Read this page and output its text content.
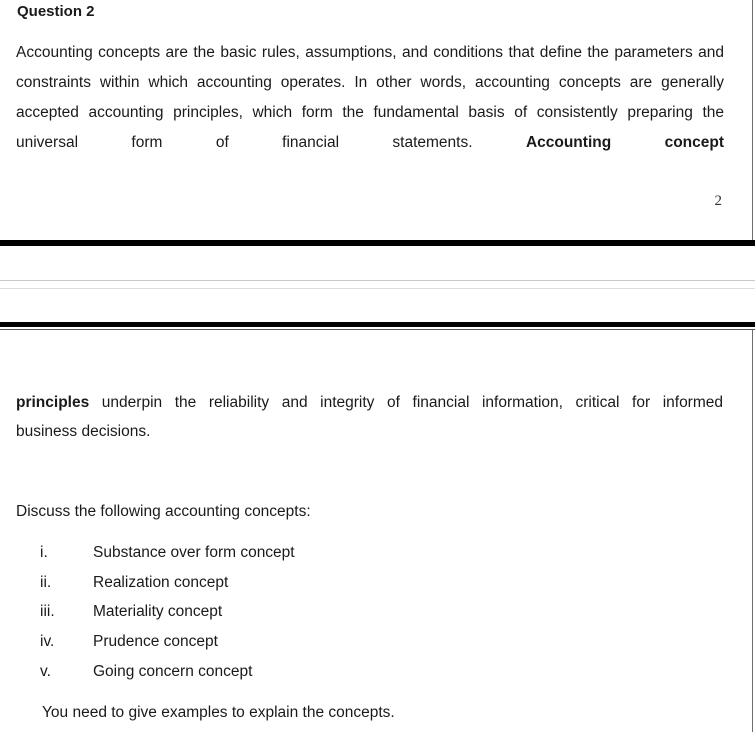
Question 2

Accounting concepts are the basic rules, assumptions, and conditions that define the parameters and constraints within which accounting operates. In other words, accounting concepts are generally accepted accounting principles, which form the fundamental basis of consistently preparing the universal form of financial statements.	Accounting concept

2

principles underpin the reliability and integrity of financial information, critical for informed
business decisions.

Discuss the following accounting concepts:
i.	Substance over form concept
ii.	Realization concept
iii.	Materiality concept
iv.	Prudence concept
v.	Going concern concept
You need to give examples to explain the concepts.
